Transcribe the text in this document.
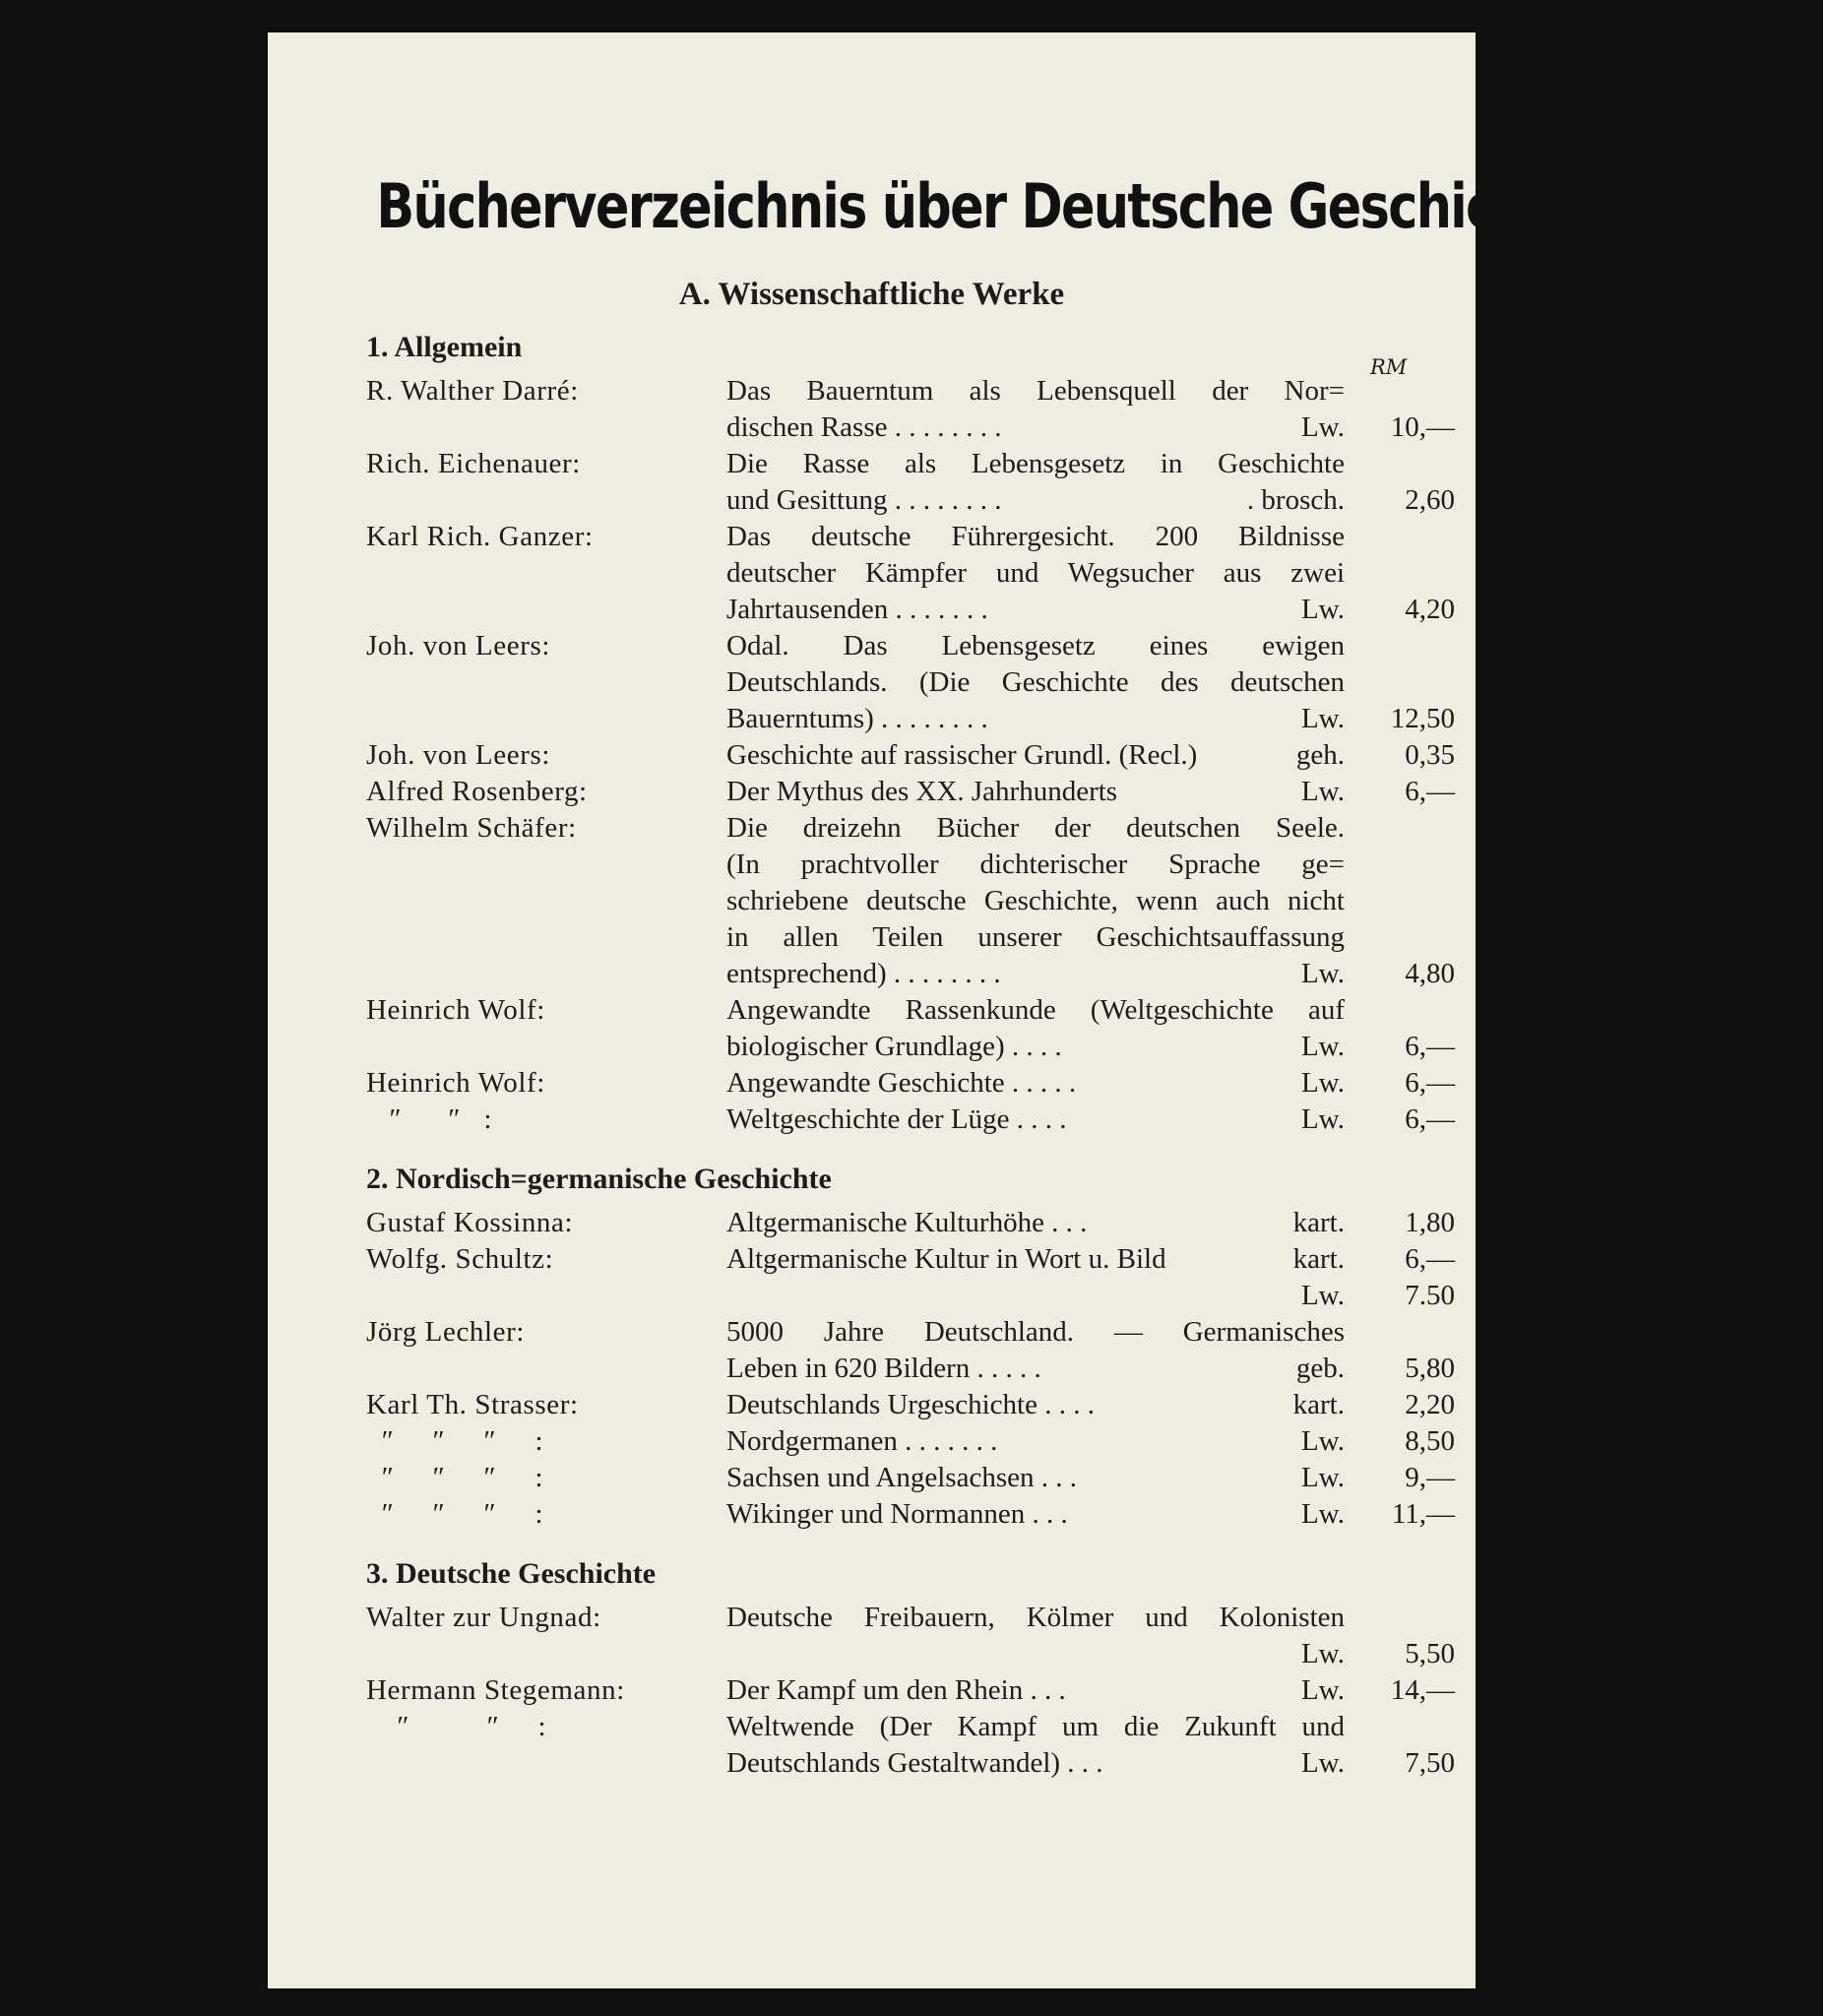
Bücherverzeichnis über Deutsche Geschichte
A. Wissenschaftliche Werke
RM
1. Allgemein
R. Walther Darré:	Das Bauerntum als Lebensquell der Nor=
dischen Rasse . . . . . . . .	Lw.	10,—
Rich. Eichenauer:	Die Rasse als Lebensgesetz in Geschichte
und Gesittung . . . . . . . .	. brosch.	2,60
Karl Rich. Ganzer:	Das deutsche Führergesicht. 200 Bildnisse
deutscher Kämpfer und Wegsucher aus zwei
Jahrtausenden . . . . . . .	Lw.	4,20
Joh. von Leers:	Odal. Das Lebensgesetz eines ewigen
Deutschlands. (Die Geschichte des deutschen
Bauerntums) . . . . . . . .	Lw.	12,50
Joh. von Leers:	Geschichte auf rassischer Grundl. (Recl.)	geh.	0,35
Alfred Rosenberg:	Der Mythus des XX. Jahrhunderts	Lw.	6,—
Wilhelm Schäfer:	Die dreizehn Bücher der deutschen Seele.
(In prachtvoller dichterischer Sprache ge=
schriebene deutsche Geschichte, wenn auch nicht
in allen Teilen unserer Geschichtsauffassung
entsprechend) . . . . . . . .	Lw.	4,80
Heinrich Wolf:	Angewandte Rassenkunde (Weltgeschichte auf
biologischer Grundlage) . . . .	Lw.	6,—
Heinrich Wolf:	Angewandte Geschichte . . . . .	Lw.	6,—
″      ″   :	Weltgeschichte der Lüge . . . .	Lw.	6,—
2. Nordisch=germanische Geschichte
Gustaf Kossinna:	Altgermanische Kulturhöhe . . .	kart.	1,80
Wolfg. Schultz:	Altgermanische Kultur in Wort u. Bild	kart.	6,—
Lw.	7.50
Jörg Lechler:	5000 Jahre Deutschland. — Germanisches
Leben in 620 Bildern . . . . .	geb.	5,80
Karl Th. Strasser:	Deutschlands Urgeschichte . . . .	kart.	2,20
″     ″     ″     :	Nordgermanen . . . . . . .	Lw.	8,50
″     ″     ″     :	Sachsen und Angelsachsen . . .	Lw.	9,—
″     ″     ″     :	Wikinger und Normannen . . .	Lw.	11,—
3. Deutsche Geschichte
Walter zur Ungnad:	Deutsche Freibauern, Kölmer und Kolonisten
Lw.	5,50
Hermann Stegemann:	Der Kampf um den Rhein . . .	Lw.	14,—
″          ″     :	Weltwende (Der Kampf um die Zukunft und
Deutschlands Gestaltwandel) . . .	Lw.	7,50
